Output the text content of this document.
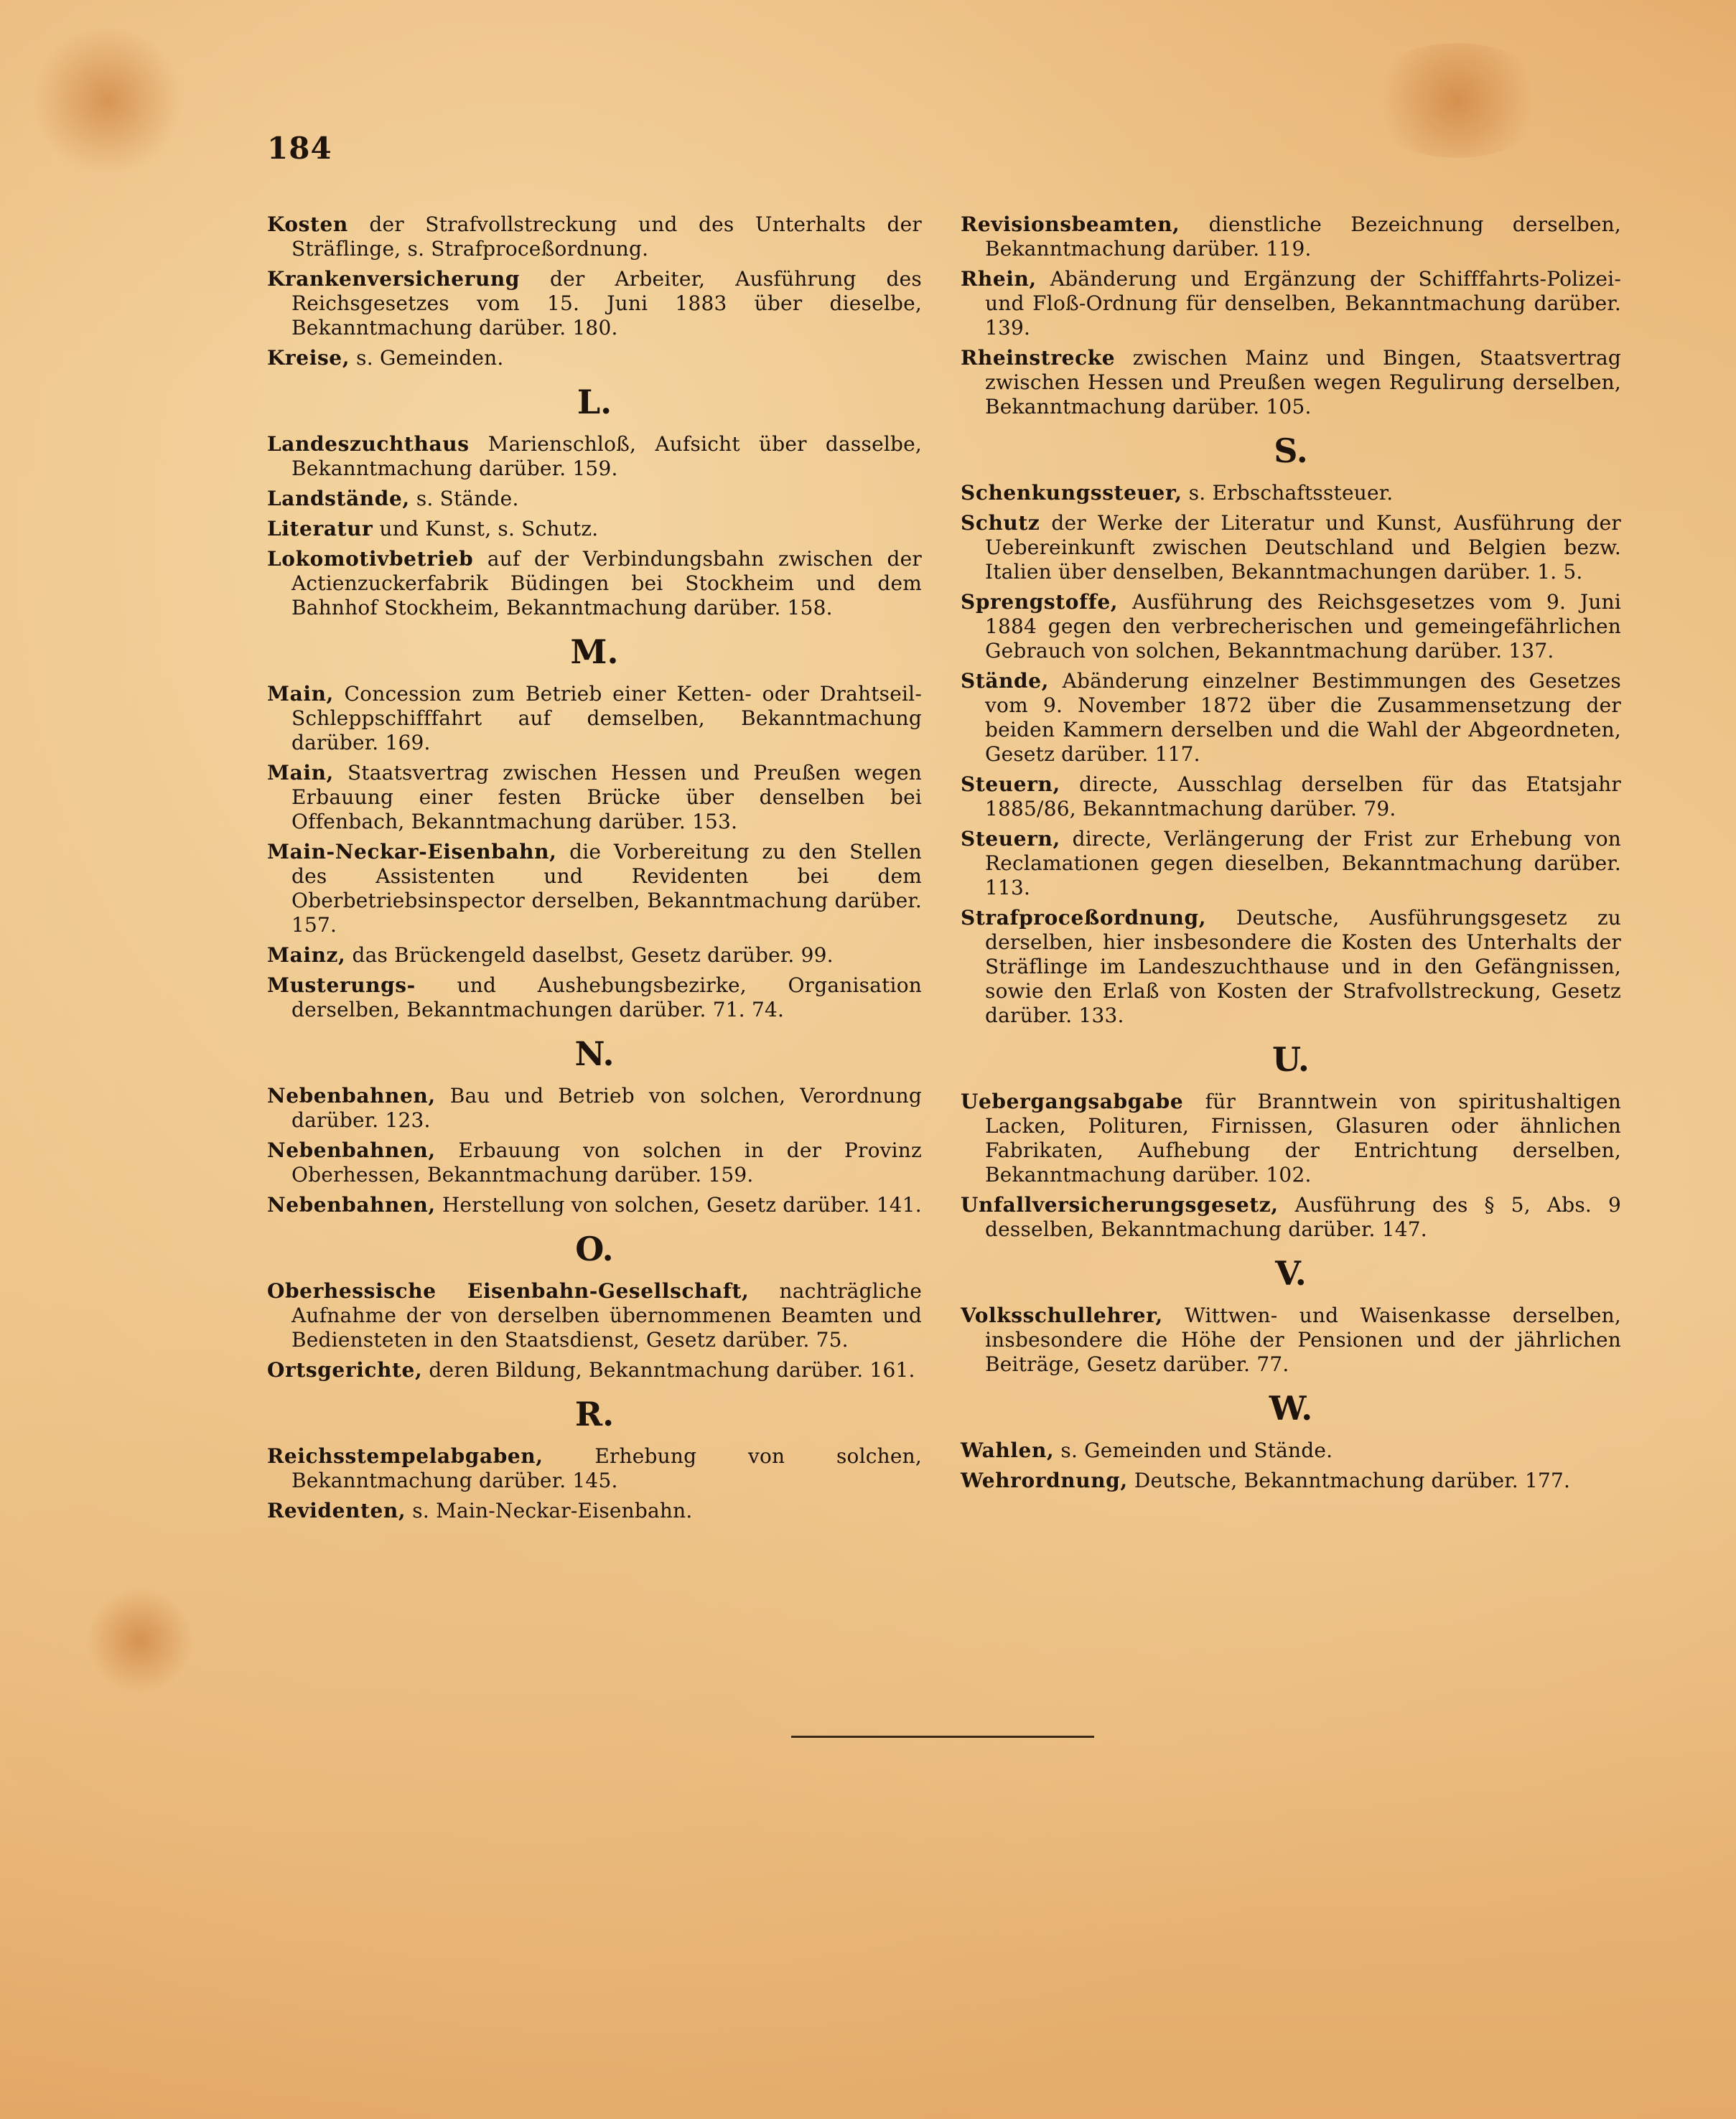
184
Kosten der Strafvollstreckung und des Unterhalts der Sträflinge, s. Strafproceßordnung.
Krankenversicherung der Arbeiter, Ausführung des Reichsgesetzes vom 15. Juni 1883 über dieselbe, Bekanntmachung darüber. 180.
Kreise, s. Gemeinden.
L.
Landeszuchthaus Marienschloß, Aufsicht über dasselbe, Bekanntmachung darüber. 159.
Landstände, s. Stände.
Literatur und Kunst, s. Schutz.
Lokomotivbetrieb auf der Verbindungsbahn zwischen der Actienzuckerfabrik Büdingen bei Stockheim und dem Bahnhof Stockheim, Bekanntmachung darüber. 158.
M.
Main, Concession zum Betrieb einer Ketten- oder Drahtseil-Schleppschifffahrt auf demselben, Bekanntmachung darüber. 169.
Main, Staatsvertrag zwischen Hessen und Preußen wegen Erbauung einer festen Brücke über denselben bei Offenbach, Bekanntmachung darüber. 153.
Main-Neckar-Eisenbahn, die Vorbereitung zu den Stellen des Assistenten und Revidenten bei dem Oberbetriebsinspector derselben, Bekanntmachung darüber. 157.
Mainz, das Brückengeld daselbst, Gesetz darüber. 99.
Musterungs- und Aushebungsbezirke, Organisation derselben, Bekanntmachungen darüber. 71. 74.
N.
Nebenbahnen, Bau und Betrieb von solchen, Verordnung darüber. 123.
Nebenbahnen, Erbauung von solchen in der Provinz Oberhessen, Bekanntmachung darüber. 159.
Nebenbahnen, Herstellung von solchen, Gesetz darüber. 141.
O.
Oberhessische Eisenbahn-Gesellschaft, nachträgliche Aufnahme der von derselben übernommenen Beamten und Bediensteten in den Staatsdienst, Gesetz darüber. 75.
Ortsgerichte, deren Bildung, Bekanntmachung darüber. 161.
R.
Reichsstempelabgaben, Erhebung von solchen, Bekanntmachung darüber. 145.
Revidenten, s. Main-Neckar-Eisenbahn.
Revisionsbeamten, dienstliche Bezeichnung derselben, Bekanntmachung darüber. 119.
Rhein, Abänderung und Ergänzung der Schifffahrts-Polizei- und Floß-Ordnung für denselben, Bekanntmachung darüber. 139.
Rheinstrecke zwischen Mainz und Bingen, Staatsvertrag zwischen Hessen und Preußen wegen Regulirung derselben, Bekanntmachung darüber. 105.
S.
Schenkungssteuer, s. Erbschaftssteuer.
Schutz der Werke der Literatur und Kunst, Ausführung der Uebereinkunft zwischen Deutschland und Belgien bezw. Italien über denselben, Bekanntmachungen darüber. 1. 5.
Sprengstoffe, Ausführung des Reichsgesetzes vom 9. Juni 1884 gegen den verbrecherischen und gemeingefährlichen Gebrauch von solchen, Bekanntmachung darüber. 137.
Stände, Abänderung einzelner Bestimmungen des Gesetzes vom 9. November 1872 über die Zusammensetzung der beiden Kammern derselben und die Wahl der Abgeordneten, Gesetz darüber. 117.
Steuern, directe, Ausschlag derselben für das Etatsjahr 1885/86, Bekanntmachung darüber. 79.
Steuern, directe, Verlängerung der Frist zur Erhebung von Reclamationen gegen dieselben, Bekanntmachung darüber. 113.
Strafproceßordnung, Deutsche, Ausführungsgesetz zu derselben, hier insbesondere die Kosten des Unterhalts der Sträflinge im Landeszuchthause und in den Gefängnissen, sowie den Erlaß von Kosten der Strafvollstreckung, Gesetz darüber. 133.
U.
Uebergangsabgabe für Branntwein von spiritushaltigen Lacken, Polituren, Firnissen, Glasuren oder ähnlichen Fabrikaten, Aufhebung der Entrichtung derselben, Bekanntmachung darüber. 102.
Unfallversicherungsgesetz, Ausführung des § 5, Abs. 9 desselben, Bekanntmachung darüber. 147.
V.
Volksschullehrer, Wittwen- und Waisenkasse derselben, insbesondere die Höhe der Pensionen und der jährlichen Beiträge, Gesetz darüber. 77.
W.
Wahlen, s. Gemeinden und Stände.
Wehrordnung, Deutsche, Bekanntmachung darüber. 177.
